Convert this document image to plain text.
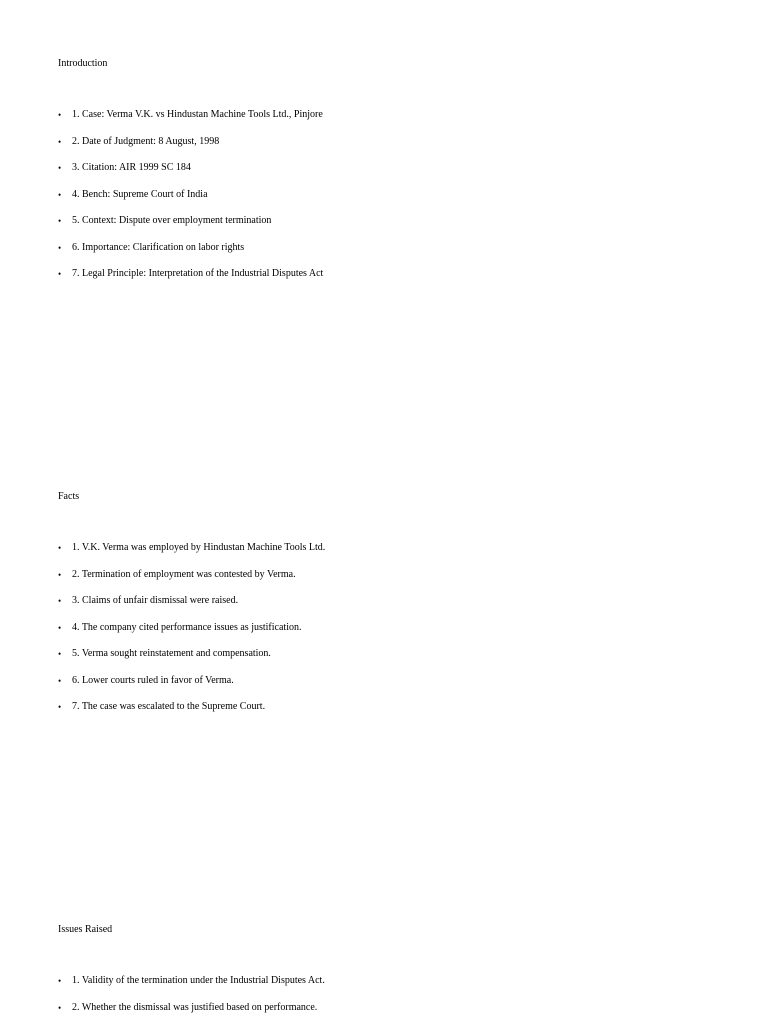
Introduction
• 1. Case: Verma V.K. vs Hindustan Machine Tools Ltd., Pinjore
• 2. Date of Judgment: 8 August, 1998
• 3. Citation: AIR 1999 SC 184
• 4. Bench: Supreme Court of India
• 5. Context: Dispute over employment termination
• 6. Importance: Clarification on labor rights
• 7. Legal Principle: Interpretation of the Industrial Disputes Act
Facts
• 1. V.K. Verma was employed by Hindustan Machine Tools Ltd.
• 2. Termination of employment was contested by Verma.
• 3. Claims of unfair dismissal were raised.
• 4. The company cited performance issues as justification.
• 5. Verma sought reinstatement and compensation.
• 6. Lower courts ruled in favor of Verma.
• 7. The case was escalated to the Supreme Court.
Issues Raised
• 1. Validity of the termination under the Industrial Disputes Act.
• 2. Whether the dismissal was justified based on performance.
